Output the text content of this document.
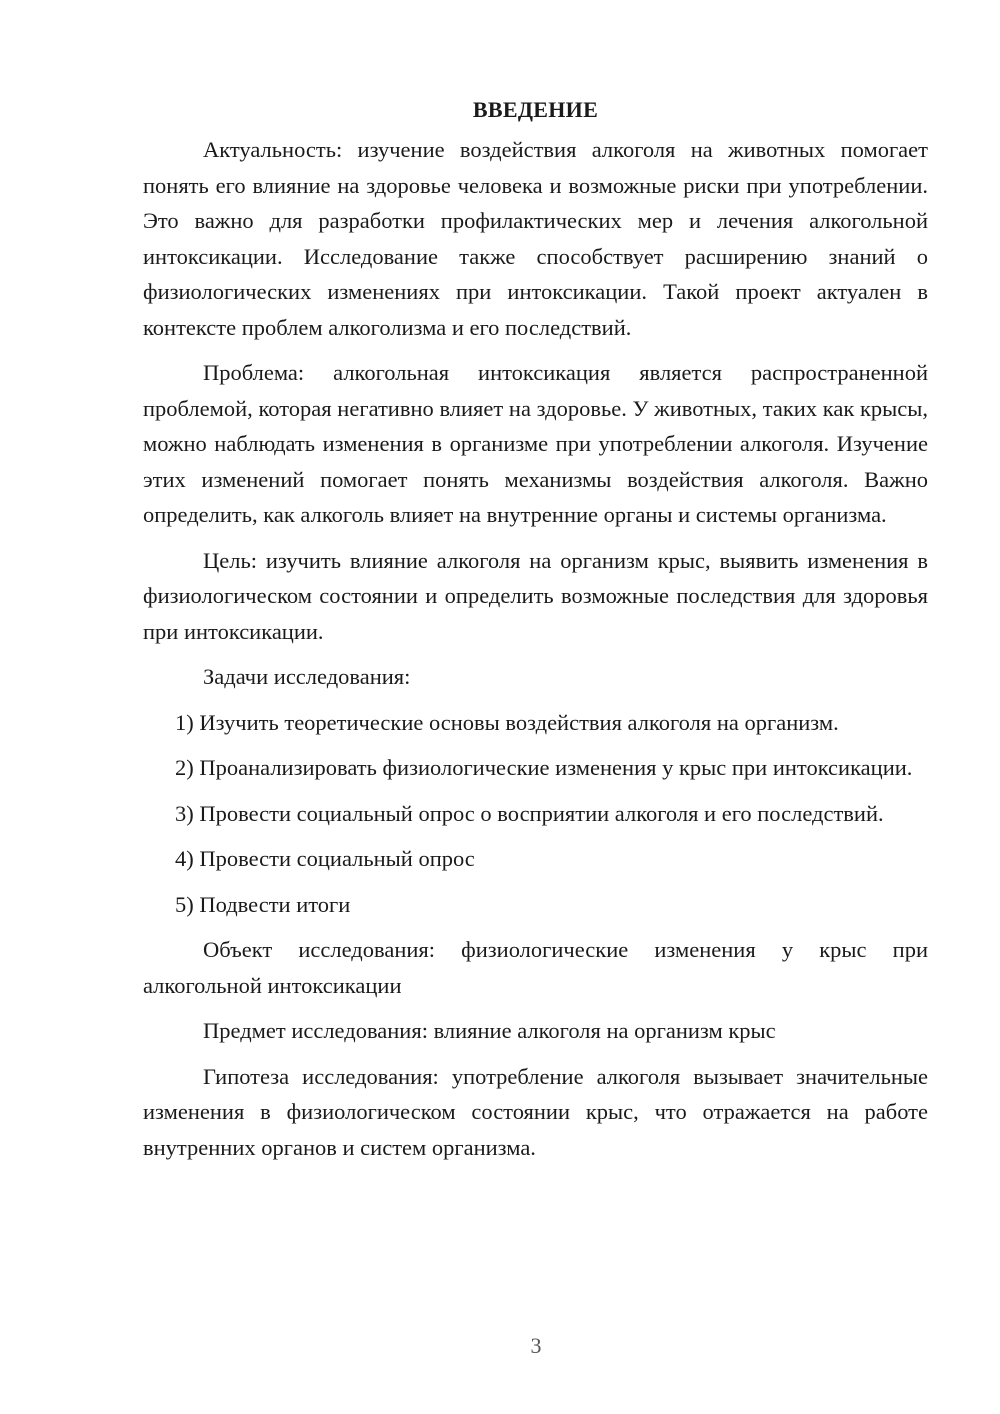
ВВЕДЕНИЕ

Актуальность: изучение воздействия алкоголя на животных помогает понять его влияние на здоровье человека и возможные риски при употреблении. Это важно для разработки профилактических мер и лечения алкогольной интоксикации. Исследование также способствует расширению знаний о физиологических изменениях при интоксикации. Такой проект актуален в контексте проблем алкоголизма и его последствий.

Проблема: алкогольная интоксикация является распространенной проблемой, которая негативно влияет на здоровье. У животных, таких как крысы, можно наблюдать изменения в организме при употреблении алкоголя. Изучение этих изменений помогает понять механизмы воздействия алкоголя. Важно определить, как алкоголь влияет на внутренние органы и системы организма.

Цель: изучить влияние алкоголя на организм крыс, выявить изменения в физиологическом состоянии и определить возможные последствия для здоровья при интоксикации.

Задачи исследования:

1) Изучить теоретические основы воздействия алкоголя на организм.

2) Проанализировать физиологические изменения у крыс при интоксикации.

3) Провести социальный опрос о восприятии алкоголя и его последствий.

4) Провести социальный опрос

5) Подвести итоги

Объект исследования: физиологические изменения у крыс при алкогольной интоксикации

Предмет исследования: влияние алкоголя на организм крыс

Гипотеза исследования: употребление алкоголя вызывает значительные изменения в физиологическом состоянии крыс, что отражается на работе внутренних органов и систем организма.

3
